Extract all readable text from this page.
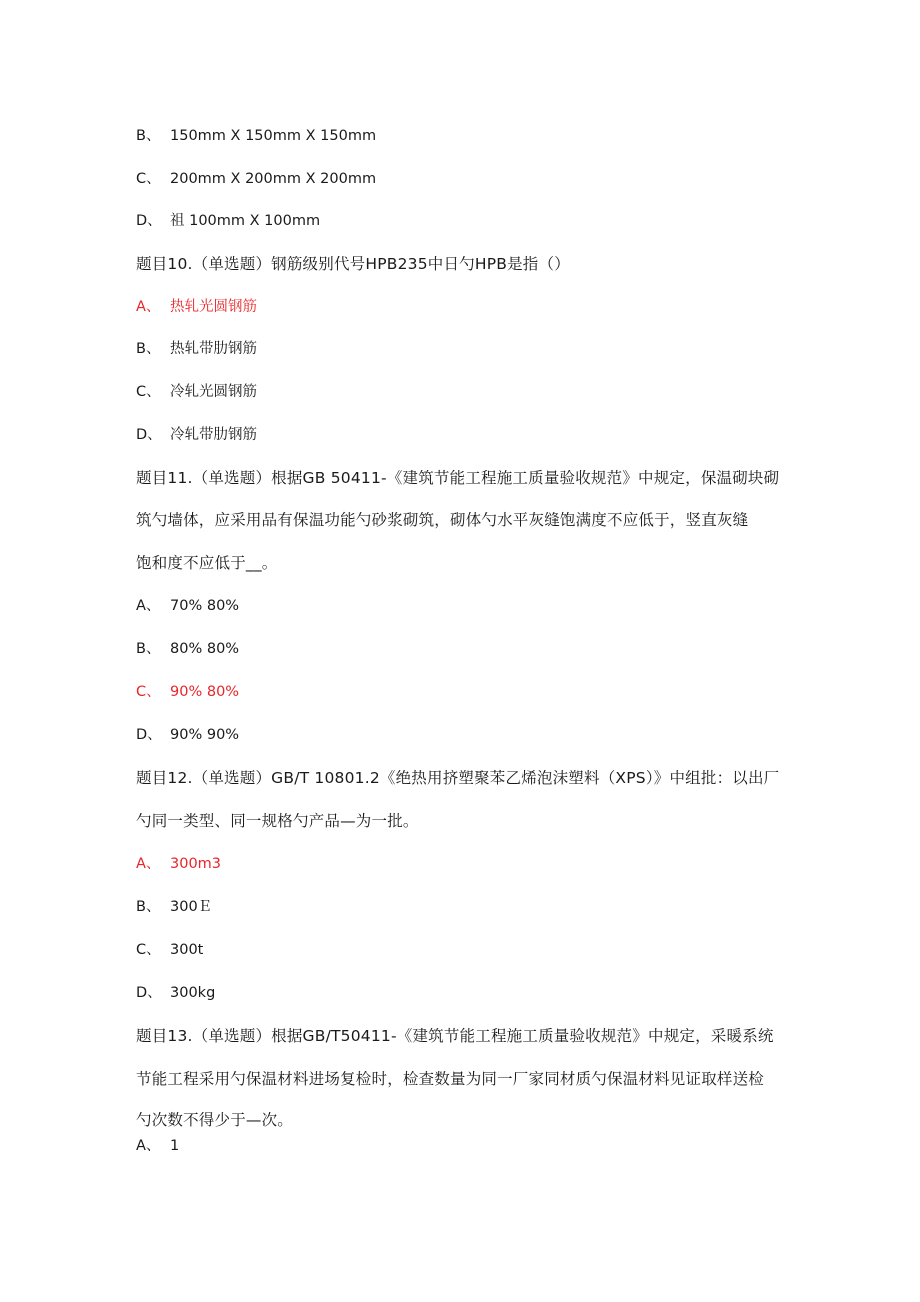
B、 150mm Ⅹ 150mm Ⅹ 150mm
C、 200mm Ⅹ 200mm Ⅹ 200mm
D、 祖 100mm Ⅹ 100mm
题目10.（单选题）钢筋级别代号HPB235中日勺HPB是指（）
A、 热轧光圆钢筋
B、 热轧带肋钢筋
C、 冷轧光圆钢筋
D、 冷轧带肋钢筋
题目11.（单选题）根据GB 50411-《建筑节能工程施工质量验收规范》中规定，保温砌块砌
筑勺墙体，应采用品有保温功能勺砂浆砌筑，砌体勺水平灰缝饱满度不应低于，竖直灰缝
饱和度不应低于__。
A、 70% 80%
B、 80% 80%
C、 90% 80%
D、 90% 90%
题目12.（单选题）GB/T 10801.2《绝热用挤塑聚苯乙烯泡沫塑料（XPS）》中组批：以出厂
勺同一类型、同一规格勺产品—为一批。
A、 300m3
B、 300Ｅ
C、 300t
D、 300kg
题目13.（单选题）根据GB/T50411-《建筑节能工程施工质量验收规范》中规定，采暖系统
节能工程采用勺保温材料进场复检时，检查数量为同一厂家同材质勺保温材料见证取样送检
勺次数不得少于—次。
A、 1
